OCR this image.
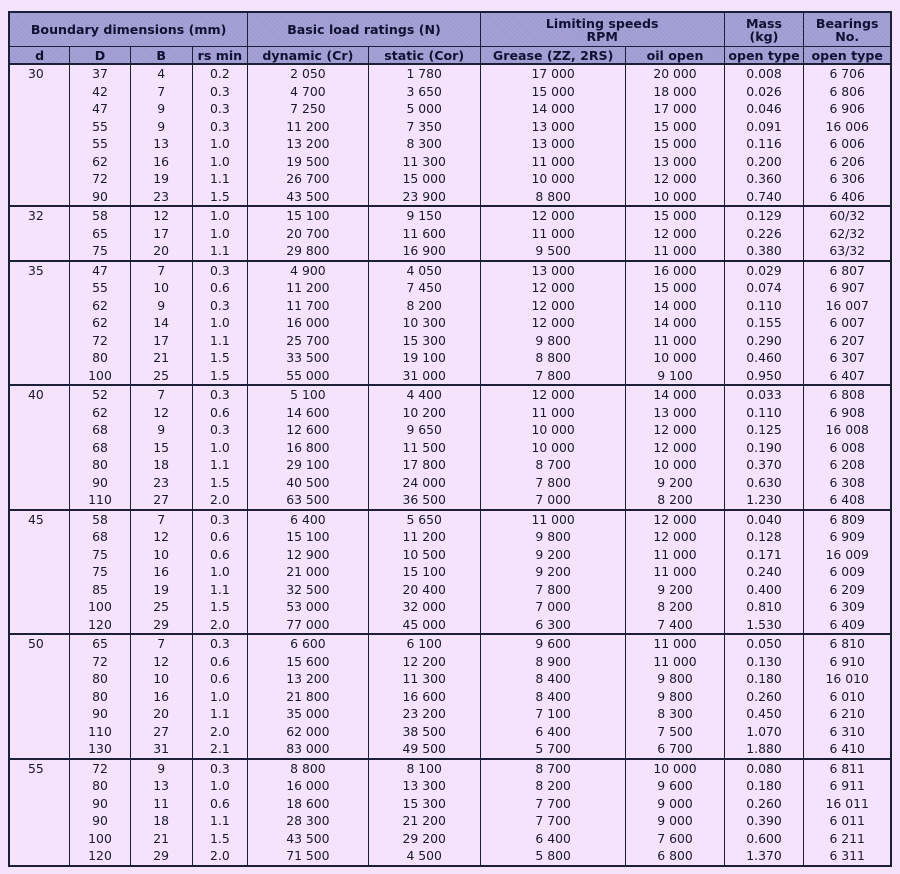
Boundary dimensions (mm)				Basic load ratings (N)		Limiting speeds
RPM		Mass
(kg)	Bearings
No.
d	D	B	rs min	dynamic (Cr)	static (Cor)	Grease (ZZ, 2RS)	oil open	open type	open type
30	37	4	0.2	2 050	1 780	17 000	20 000	0.008	6 706
	42	7	0.3	4 700	3 650	15 000	18 000	0.026	6 806
	47	9	0.3	7 250	5 000	14 000	17 000	0.046	6 906
	55	9	0.3	11 200	7 350	13 000	15 000	0.091	16 006
	55	13	1.0	13 200	8 300	13 000	15 000	0.116	6 006
	62	16	1.0	19 500	11 300	11 000	13 000	0.200	6 206
	72	19	1.1	26 700	15 000	10 000	12 000	0.360	6 306
	90	23	1.5	43 500	23 900	8 800	10 000	0.740	6 406
32	58	12	1.0	15 100	9 150	12 000	15 000	0.129	60/32
	65	17	1.0	20 700	11 600	11 000	12 000	0.226	62/32
	75	20	1.1	29 800	16 900	9 500	11 000	0.380	63/32
35	47	7	0.3	4 900	4 050	13 000	16 000	0.029	6 807
	55	10	0.6	11 200	7 450	12 000	15 000	0.074	6 907
	62	9	0.3	11 700	8 200	12 000	14 000	0.110	16 007
	62	14	1.0	16 000	10 300	12 000	14 000	0.155	6 007
	72	17	1.1	25 700	15 300	9 800	11 000	0.290	6 207
	80	21	1.5	33 500	19 100	8 800	10 000	0.460	6 307
	100	25	1.5	55 000	31 000	7 800	9 100	0.950	6 407
40	52	7	0.3	5 100	4 400	12 000	14 000	0.033	6 808
	62	12	0.6	14 600	10 200	11 000	13 000	0.110	6 908
	68	9	0.3	12 600	9 650	10 000	12 000	0.125	16 008
	68	15	1.0	16 800	11 500	10 000	12 000	0.190	6 008
	80	18	1.1	29 100	17 800	8 700	10 000	0.370	6 208
	90	23	1.5	40 500	24 000	7 800	9 200	0.630	6 308
	110	27	2.0	63 500	36 500	7 000	8 200	1.230	6 408
45	58	7	0.3	6 400	5 650	11 000	12 000	0.040	6 809
	68	12	0.6	15 100	11 200	9 800	12 000	0.128	6 909
	75	10	0.6	12 900	10 500	9 200	11 000	0.171	16 009
	75	16	1.0	21 000	15 100	9 200	11 000	0.240	6 009
	85	19	1.1	32 500	20 400	7 800	9 200	0.400	6 209
	100	25	1.5	53 000	32 000	7 000	8 200	0.810	6 309
	120	29	2.0	77 000	45 000	6 300	7 400	1.530	6 409
50	65	7	0.3	6 600	6 100	9 600	11 000	0.050	6 810
	72	12	0.6	15 600	12 200	8 900	11 000	0.130	6 910
	80	10	0.6	13 200	11 300	8 400	9 800	0.180	16 010
	80	16	1.0	21 800	16 600	8 400	9 800	0.260	6 010
	90	20	1.1	35 000	23 200	7 100	8 300	0.450	6 210
	110	27	2.0	62 000	38 500	6 400	7 500	1.070	6 310
	130	31	2.1	83 000	49 500	5 700	6 700	1.880	6 410
55	72	9	0.3	8 800	8 100	8 700	10 000	0.080	6 811
	80	13	1.0	16 000	13 300	8 200	9 600	0.180	6 911
	90	11	0.6	18 600	15 300	7 700	9 000	0.260	16 011
	90	18	1.1	28 300	21 200	7 700	9 000	0.390	6 011
	100	21	1.5	43 500	29 200	6 400	7 600	0.600	6 211
	120	29	2.0	71 500	4 500	5 800	6 800	1.370	6 311
